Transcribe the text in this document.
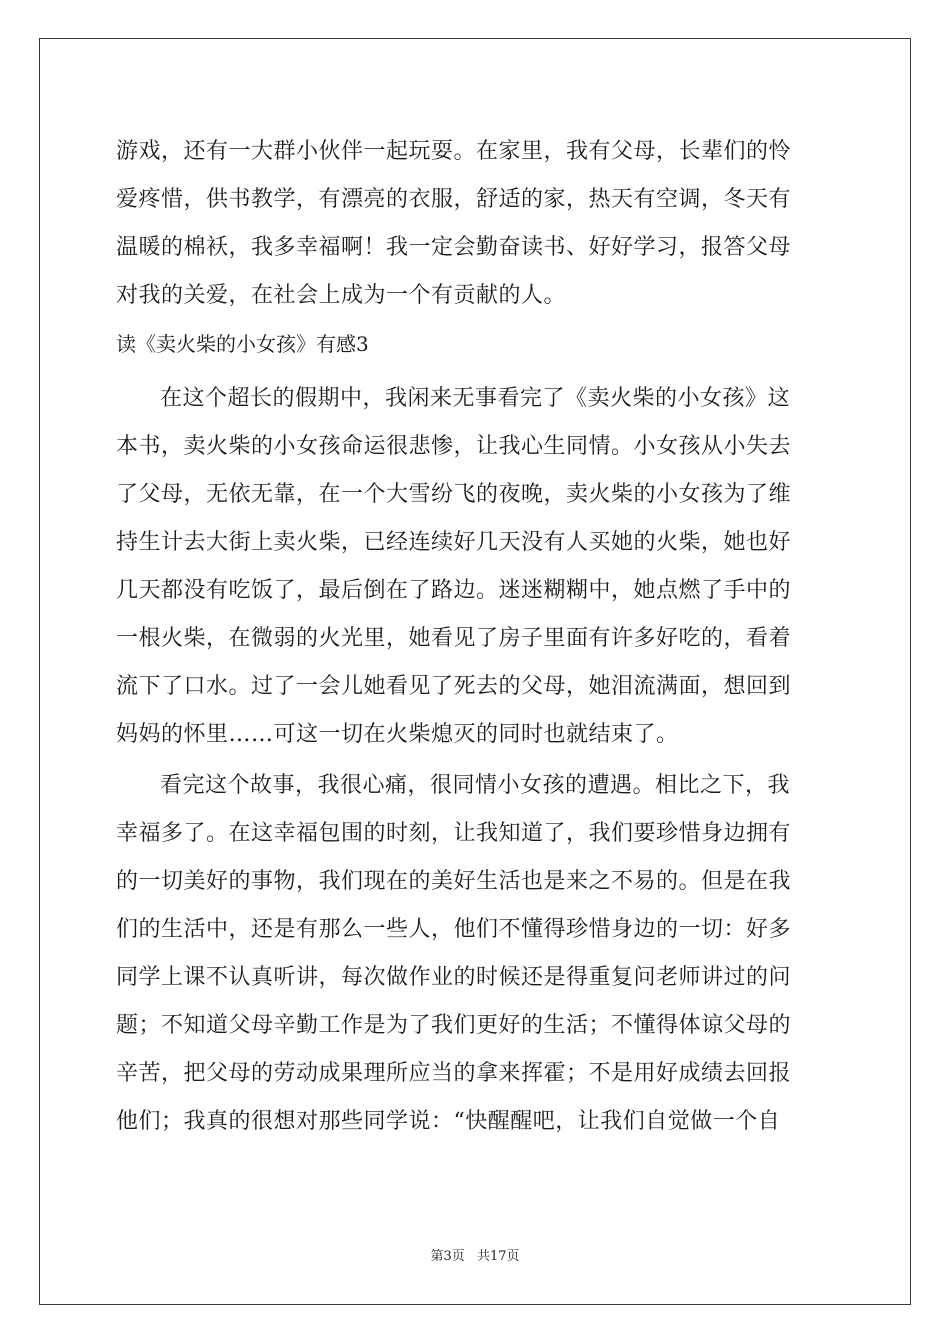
游戏，还有一大群小伙伴一起玩耍。在家里，我有父母，长辈们的怜
爱疼惜，供书教学，有漂亮的衣服，舒适的家，热天有空调，冬天有
温暖的棉袄，我多幸福啊！我一定会勤奋读书、好好学习，报答父母
对我的关爱，在社会上成为一个有贡献的人。
读《卖火柴的小女孩》有感3
在这个超长的假期中，我闲来无事看完了《卖火柴的小女孩》这
本书，卖火柴的小女孩命运很悲惨，让我心生同情。小女孩从小失去
了父母，无依无靠，在一个大雪纷飞的夜晚，卖火柴的小女孩为了维
持生计去大街上卖火柴，已经连续好几天没有人买她的火柴，她也好
几天都没有吃饭了，最后倒在了路边。迷迷糊糊中，她点燃了手中的
一根火柴，在微弱的火光里，她看见了房子里面有许多好吃的，看着
流下了口水。过了一会儿她看见了死去的父母，她泪流满面，想回到
妈妈的怀里……可这一切在火柴熄灭的同时也就结束了。
看完这个故事，我很心痛，很同情小女孩的遭遇。相比之下，我
幸福多了。在这幸福包围的时刻，让我知道了，我们要珍惜身边拥有
的一切美好的事物，我们现在的美好生活也是来之不易的。但是在我
们的生活中，还是有那么一些人，他们不懂得珍惜身边的一切：好多
同学上课不认真听讲，每次做作业的时候还是得重复问老师讲过的问
题；不知道父母辛勤工作是为了我们更好的生活；不懂得体谅父母的
辛苦，把父母的劳动成果理所应当的拿来挥霍；不是用好成绩去回报
他们；我真的很想对那些同学说：“快醒醒吧，让我们自觉做一个自
第3页 共17页
